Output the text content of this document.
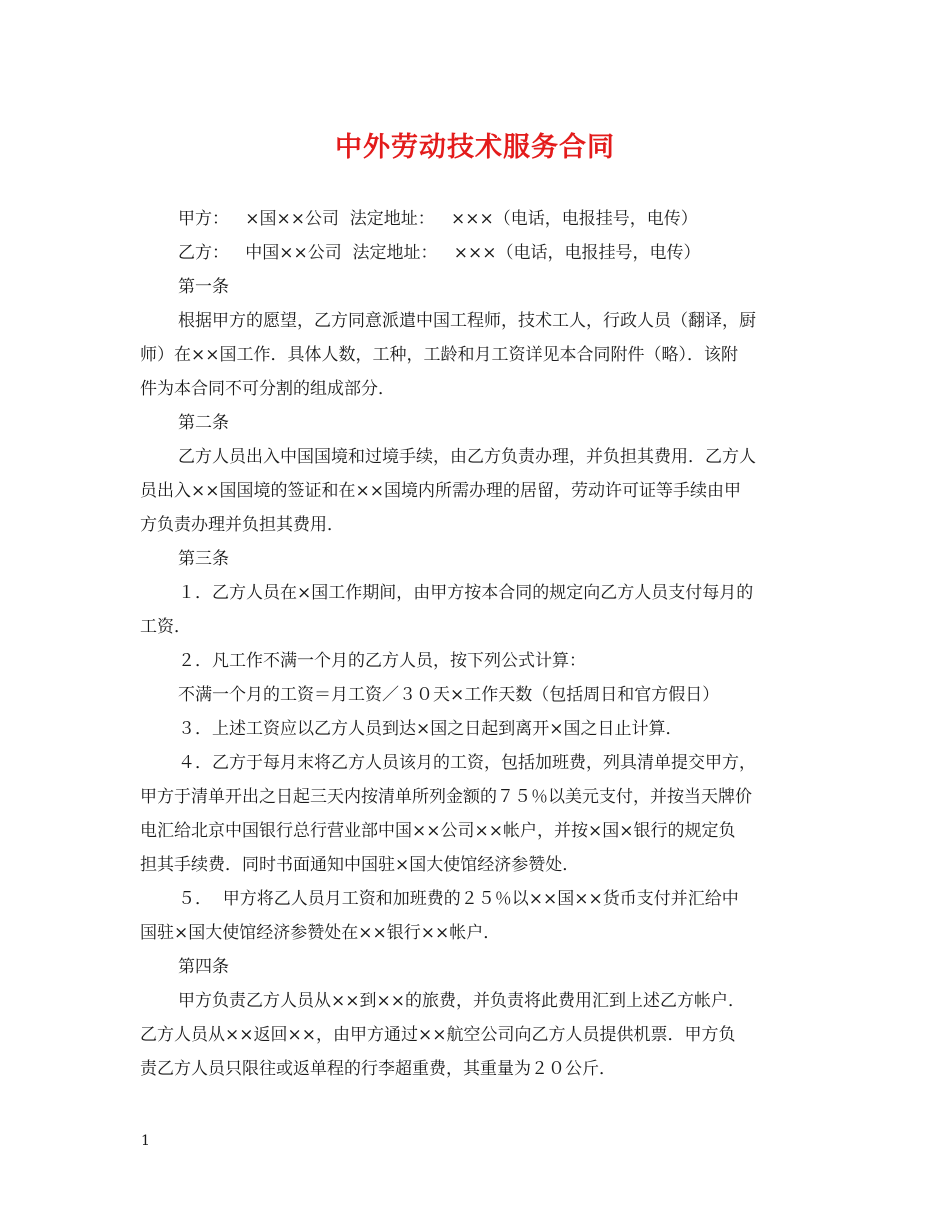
中外劳动技术服务合同
甲方：   ×国××公司  法定地址：   ×××（电话，电报挂号，电传）
乙方：   中国××公司  法定地址：   ×××（电话，电报挂号，电传）
第一条
根据甲方的愿望，乙方同意派遣中国工程师，技术工人，行政人员（翻译，厨
师）在××国工作．具体人数，工种，工龄和月工资详见本合同附件（略）．该附
件为本合同不可分割的组成部分．
第二条
乙方人员出入中国国境和过境手续，由乙方负责办理，并负担其费用．乙方人
员出入××国国境的签证和在××国境内所需办理的居留，劳动许可证等手续由甲
方负责办理并负担其费用．
第三条
１．乙方人员在×国工作期间，由甲方按本合同的规定向乙方人员支付每月的
工资．
２．凡工作不满一个月的乙方人员，按下列公式计算：
不满一个月的工资＝月工资／３０天×工作天数（包括周日和官方假日）
３．上述工资应以乙方人员到达×国之日起到离开×国之日止计算．
４．乙方于每月末将乙方人员该月的工资，包括加班费，列具清单提交甲方，
甲方于清单开出之日起三天内按清单所列金额的７５％以美元支付，并按当天牌价
电汇给北京中国银行总行营业部中国××公司××帐户，并按×国×银行的规定负
担其手续费．同时书面通知中国驻×国大使馆经济参赞处．
５．  甲方将乙人员月工资和加班费的２５％以××国××货币支付并汇给中
国驻×国大使馆经济参赞处在××银行××帐户．
第四条
甲方负责乙方人员从××到××的旅费，并负责将此费用汇到上述乙方帐户．
乙方人员从××返回××，由甲方通过××航空公司向乙方人员提供机票．甲方负
责乙方人员只限往或返单程的行李超重费，其重量为２０公斤．
1
